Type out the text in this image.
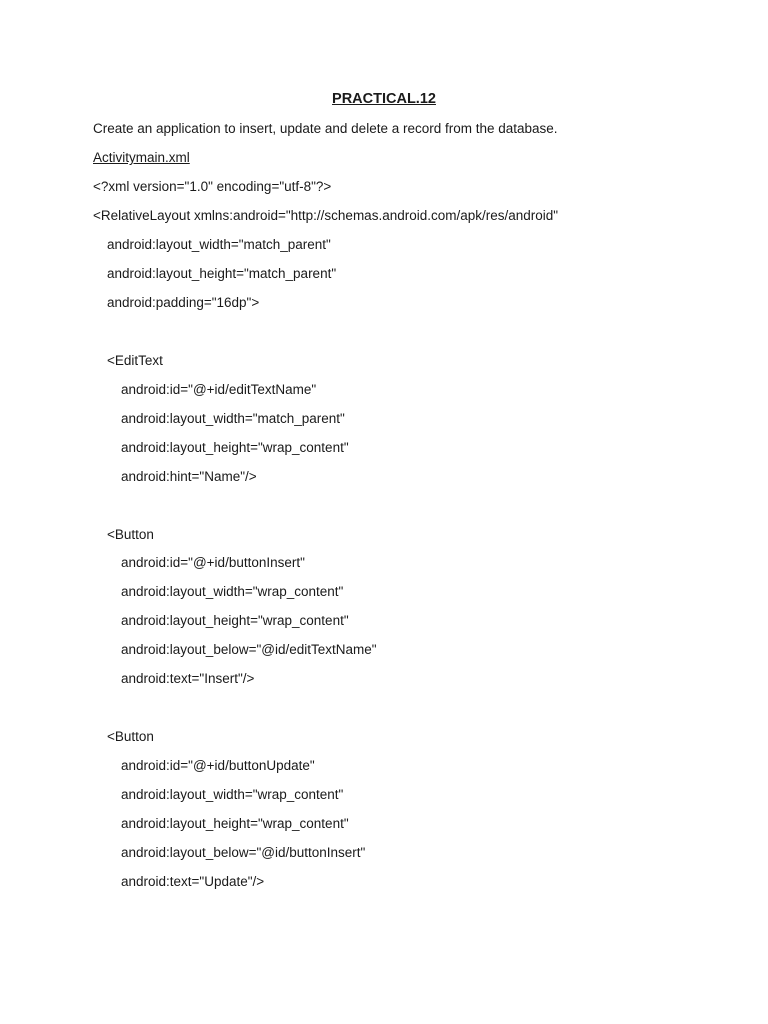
PRACTICAL.12
Create an application to insert, update and delete a record from the database.
Activitymain.xml
<?xml version="1.0" encoding="utf-8"?>
<RelativeLayout xmlns:android="http://schemas.android.com/apk/res/android"
android:layout_width="match_parent"
android:layout_height="match_parent"
android:padding="16dp">
<EditText
android:id="@+id/editTextName"
android:layout_width="match_parent"
android:layout_height="wrap_content"
android:hint="Name"/>
<Button
android:id="@+id/buttonInsert"
android:layout_width="wrap_content"
android:layout_height="wrap_content"
android:layout_below="@id/editTextName"
android:text="Insert"/>
<Button
android:id="@+id/buttonUpdate"
android:layout_width="wrap_content"
android:layout_height="wrap_content"
android:layout_below="@id/buttonInsert"
android:text="Update"/>
